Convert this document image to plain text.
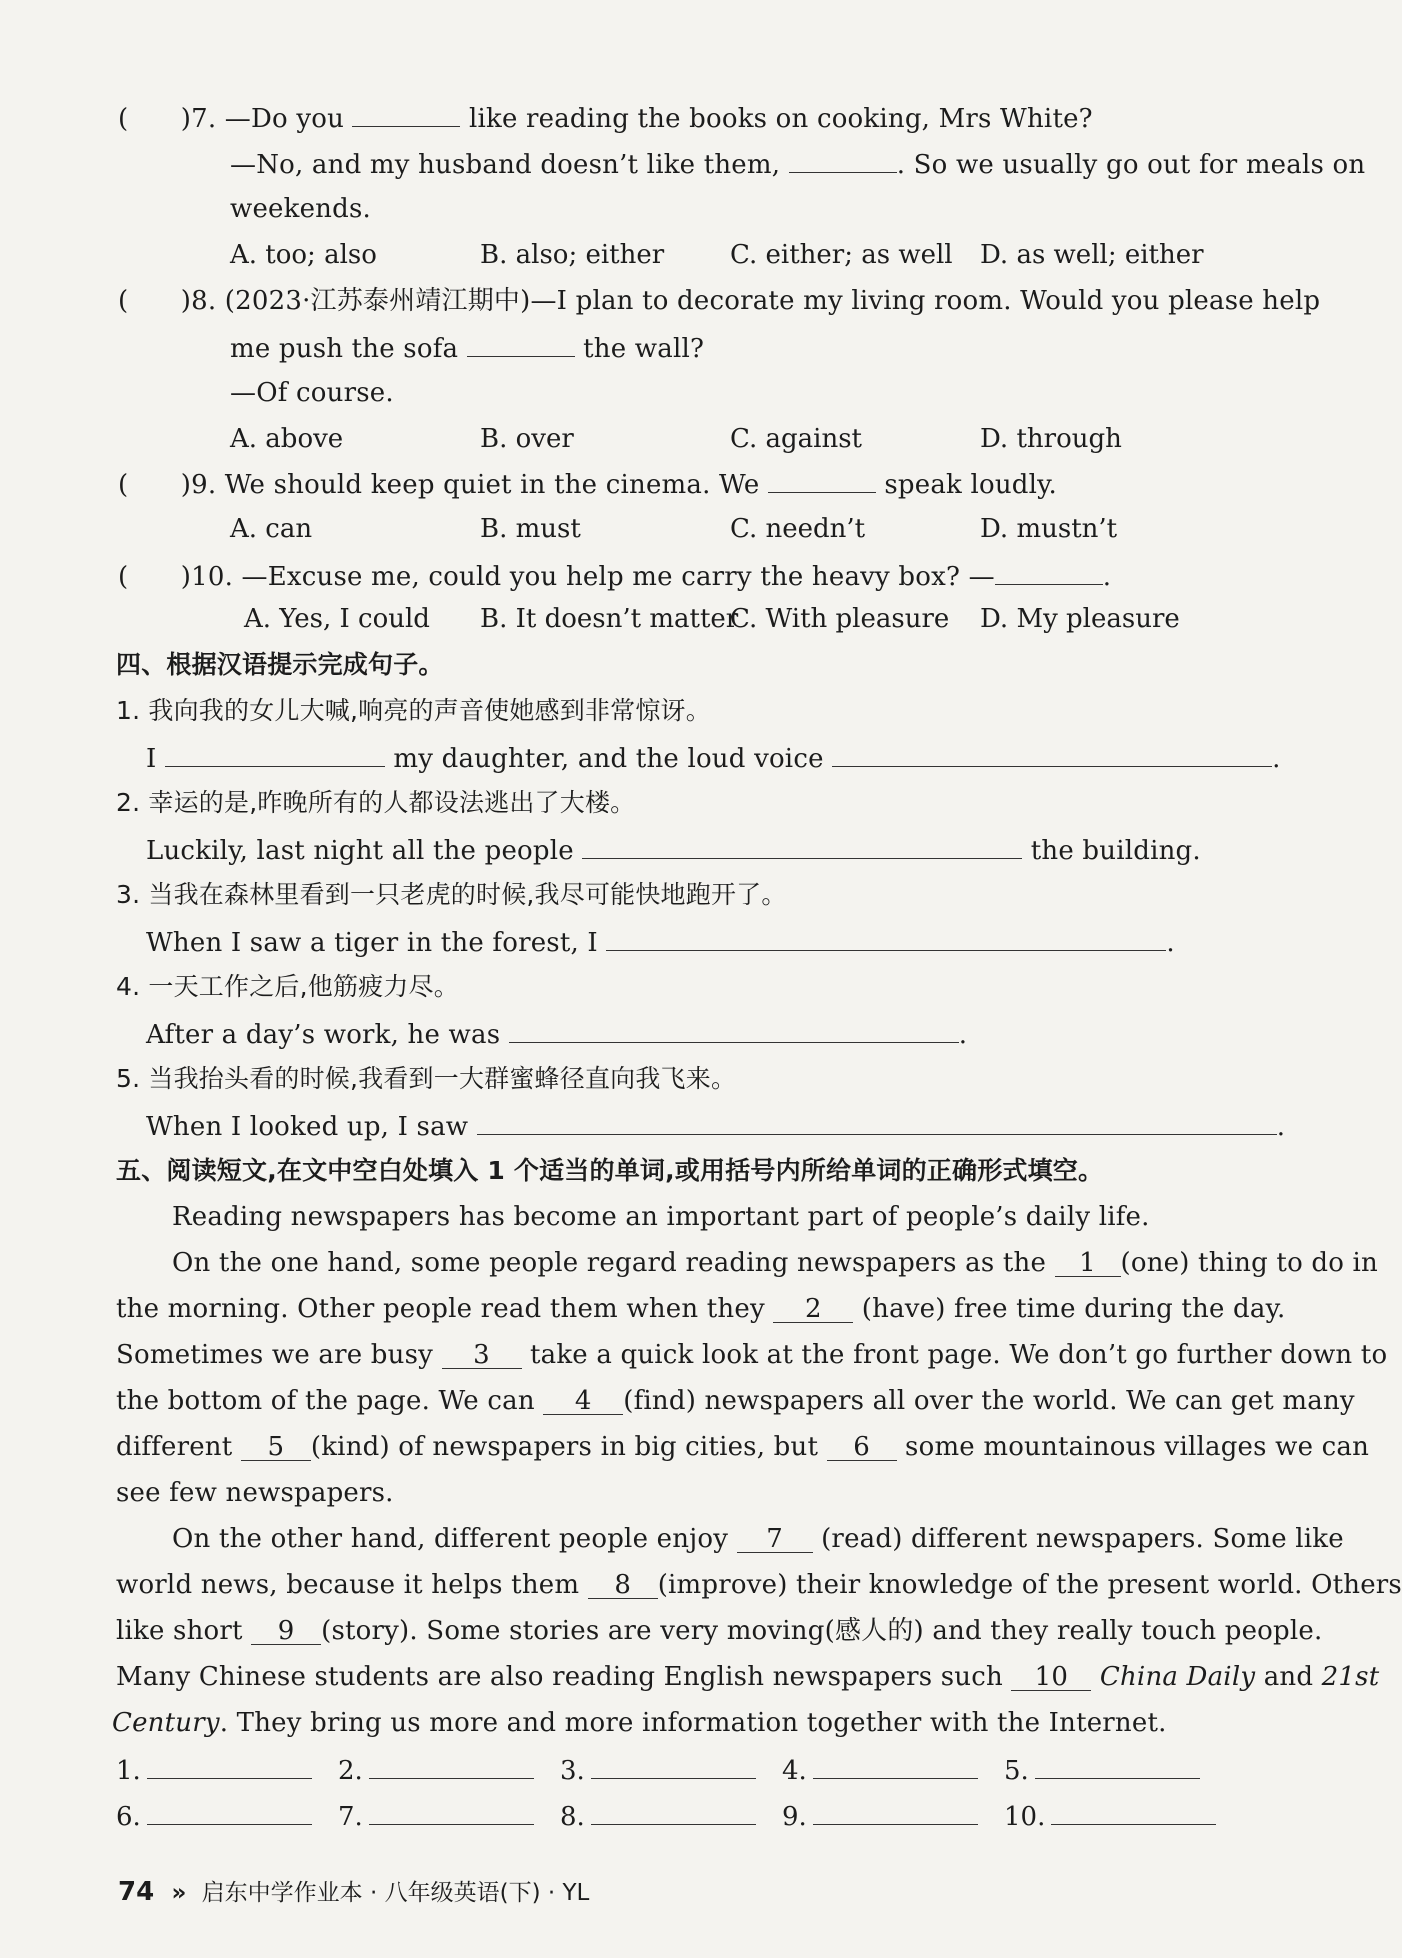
(  )7. —Do you	like reading the books on cooking, Mrs White?
—No, and my husband doesn’t like them,	. So we usually go out for meals on
weekends.
A. too; also	B. also; either	C. either; as well D. as well; either
(  )8. (2023·江苏泰州靖江期中)—I plan to decorate my living room. Would you please help
me push the sofa	the wall?
—Of course.
A. above	B. over	C. against	D. through
(  )9. We should keep quiet in the cinema. We	speak loudly.
A. can	B. must	C. needn’t	D. mustn’t
(  )10. —Excuse me, could you help me carry the heavy box? —	.
A. Yes, I could B. It doesn’t matter
C. With pleasure D. My pleasure
四、根据汉语提示完成句子。
1. 我向我的女儿大喊,响亮的声音使她感到非常惊讶。
I	my daughter, and the loud voice	.
2. 幸运的是,昨晚所有的人都设法逃出了大楼。
Luckily, last night all the people	the building.
3. 当我在森林里看到一只老虎的时候,我尽可能快地跑开了。
When I saw a tiger in the forest, I	.
4. 一天工作之后,他筋疲力尽。
After a day’s work, he was	.
5. 当我抬头看的时候,我看到一大群蜜蜂径直向我飞来。
When I looked up, I saw	.
五、阅读短文,在文中空白处填入 1 个适当的单词,或用括号内所给单词的正确形式填空。
Reading newspapers has become an important part of people’s daily life.
On the one hand, some people regard reading newspapers as the 1 (one) thing to do in
the morning. Other people read them when they 2 (have) free time during the day.
Sometimes we are busy 3 take a quick look at the front page. We don’t go further down to
the bottom of the page. We can 4 (find) newspapers all over the world. We can get many
different 5 (kind) of newspapers in big cities, but 6 some mountainous villages we can
see few newspapers.
On the other hand, different people enjoy 7 (read) different newspapers. Some like
world news, because it helps them 8 (improve) their knowledge of the present world. Others
like short 9 (story). Some stories are very moving(感人的) and they really touch people.
Many Chinese students are also reading English newspapers such 10 China Daily and 21st
Century. They bring us more and more information together with the Internet.
1.	2.	3.	4.	5.
6.	7.	8.	9.	10.
74 » 启东中学作业本 · 八年级英语(下) · YL
